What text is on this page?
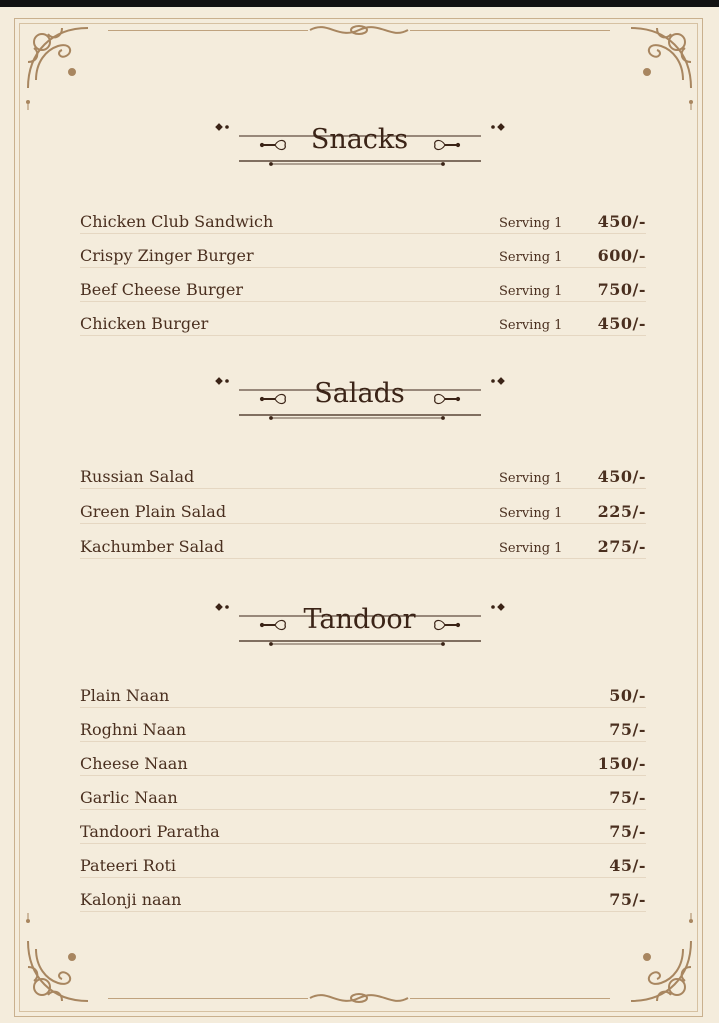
Snacks
Chicken Club Sandwich	Serving 1 450/-
Crispy Zinger Burger	Serving 1 600/-
Beef Cheese Burger	Serving 1 750/-
Chicken Burger	Serving 1 450/-
Salads
Russian Salad	Serving 1 450/-
Green Plain Salad	Serving 1 225/-
Kachumber Salad	Serving 1 275/-
Tandoor
Plain Naan	50/-
Roghni Naan	75/-
Cheese Naan	150/-
Garlic Naan	75/-
Tandoori Paratha	75/-
Pateeri Roti	45/-
Kalonji naan	75/-
